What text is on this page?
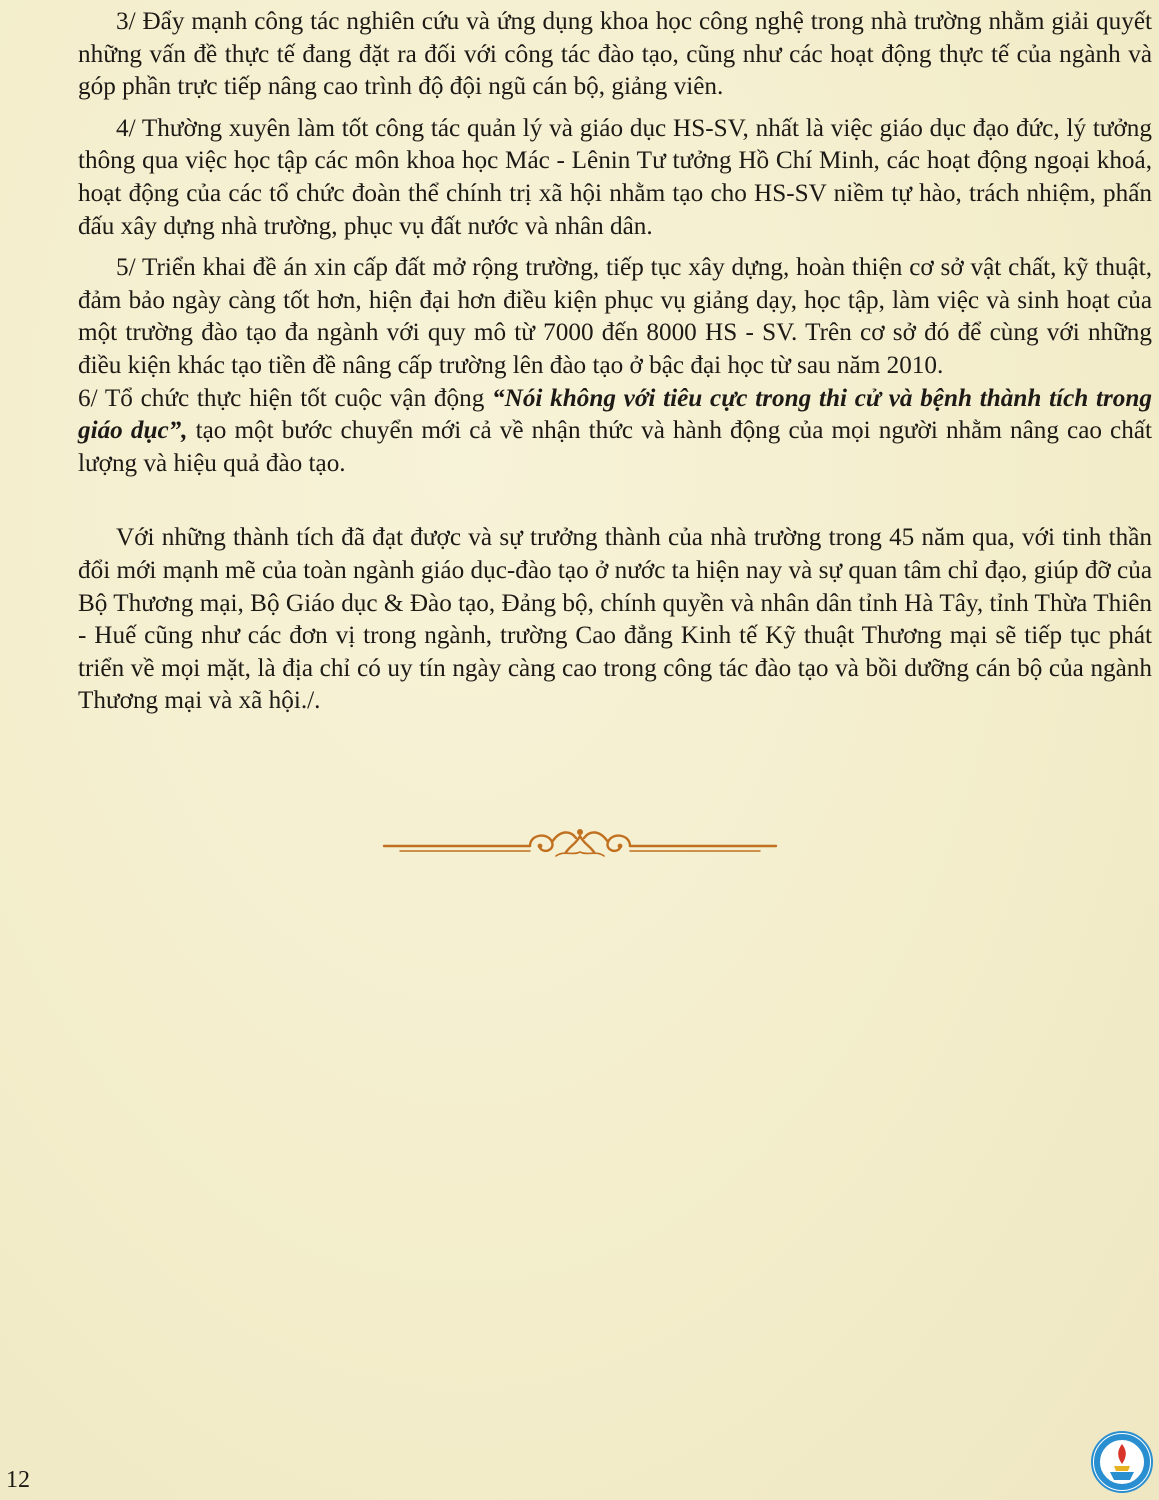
3/ Đẩy mạnh công tác nghiên cứu và ứng dụng khoa học công nghệ trong nhà trường nhằm giải quyết những vấn đề thực tế đang đặt ra đối với công tác đào tạo, cũng như các hoạt động thực tế của ngành và góp phần trực tiếp nâng cao trình độ đội ngũ cán bộ, giảng viên.

4/ Thường xuyên làm tốt công tác quản lý và giáo dục HS-SV, nhất là việc giáo dục đạo đức, lý tưởng thông qua việc học tập các môn khoa học Mác - Lênin Tư tưởng Hồ Chí Minh, các hoạt động ngoại khoá, hoạt động của các tổ chức đoàn thể chính trị xã hội nhằm tạo cho HS-SV niềm tự hào, trách nhiệm, phấn đấu xây dựng nhà trường, phục vụ đất nước và nhân dân.

5/ Triển khai đề án xin cấp đất mở rộng trường, tiếp tục xây dựng, hoàn thiện cơ sở vật chất, kỹ thuật, đảm bảo ngày càng tốt hơn, hiện đại hơn điều kiện phục vụ giảng dạy, học tập, làm việc và sinh hoạt của một trường đào tạo đa ngành với quy mô từ 7000 đến 8000 HS - SV. Trên cơ sở đó để cùng với những điều kiện khác tạo tiền đề nâng cấp trường lên đào tạo ở bậc đại học từ sau năm 2010.

6/ Tổ chức thực hiện tốt cuộc vận động “Nói không với tiêu cực trong thi cử và bệnh thành tích trong giáo dục”, tạo một bước chuyển mới cả về nhận thức và hành động của mọi người nhằm nâng cao chất lượng và hiệu quả đào tạo.

Với những thành tích đã đạt được và sự trưởng thành của nhà trường trong 45 năm qua, với tinh thần đổi mới mạnh mẽ của toàn ngành giáo dục-đào tạo ở nước ta hiện nay và sự quan tâm chỉ đạo, giúp đỡ của Bộ Thương mại, Bộ Giáo dục & Đào tạo, Đảng bộ, chính quyền và nhân dân tỉnh Hà Tây, tỉnh Thừa Thiên - Huế cũng như các đơn vị trong ngành, trường Cao đẳng Kinh tế Kỹ thuật Thương mại sẽ tiếp tục phát triển về mọi mặt, là địa chỉ có uy tín ngày càng cao trong công tác đào tạo và bồi dưỡng cán bộ của ngành Thương mại và xã hội./.

12
